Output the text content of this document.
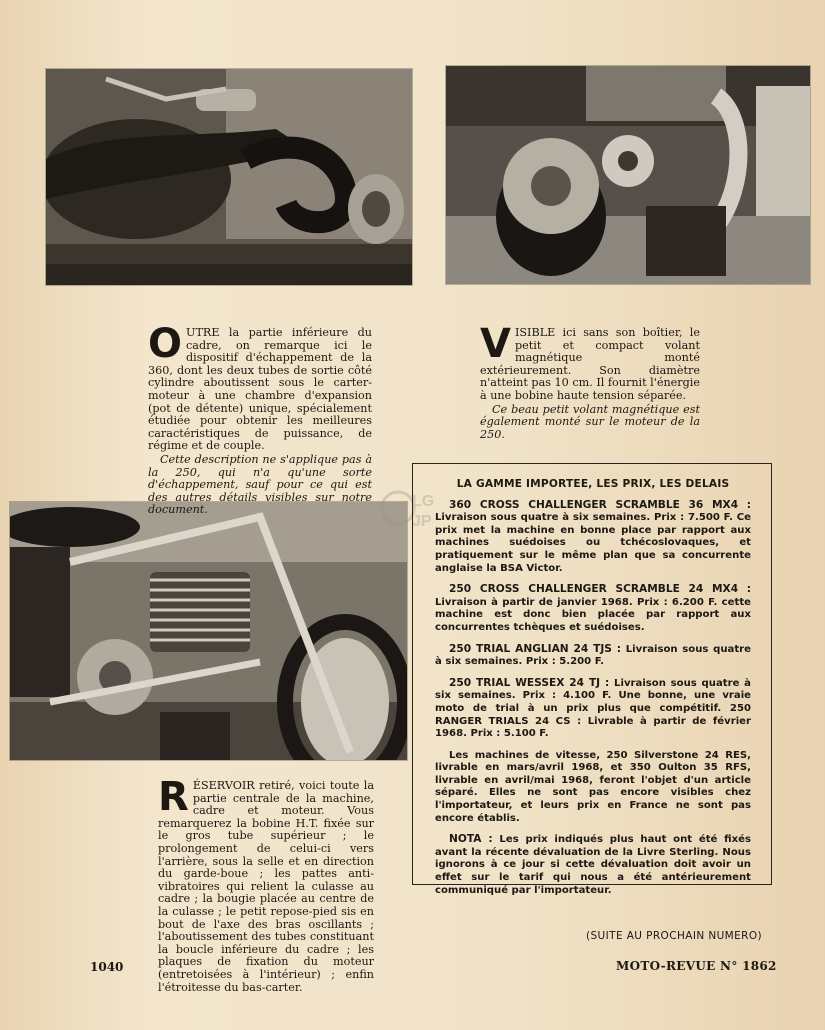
LG
JP

OUTRE la partie inférieure du cadre, on remarque ici le dispositif d'échappement de la 360, dont les deux tubes de sortie côté cylindre aboutissent sous le carter-moteur à une chambre d'expansion (pot de détente) unique, spécialement étudiée pour obtenir les meilleures caractéristiques de puissance, de régime et de couple.

Cette description ne s'applique pas à la 250, qui n'a qu'une sorte d'échappement, sauf pour ce qui est des autres détails visibles sur notre document.

VISIBLE ici sans son boîtier, le petit et compact volant magnétique monté extérieurement. Son diamètre n'atteint pas 10 cm. Il fournit l'énergie à une bobine haute tension séparée.

Ce beau petit volant magnétique est également monté sur le moteur de la 250.

RÉSERVOIR retiré, voici toute la partie centrale de la machine, cadre et moteur. Vous remarquerez la bobine H.T. fixée sur le gros tube supérieur ; le prolongement de celui-ci vers l'arrière, sous la selle et en direction du garde-boue ; les pattes anti-vibratoires qui relient la culasse au cadre ; la bougie placée au centre de la culasse ; le petit repose-pied sis en bout de l'axe des bras oscillants ; l'aboutissement des tubes constituant la boucle inférieure du cadre ; les plaques de fixation du moteur (entretoisées à l'intérieur) ; enfin l'étroitesse du bas-carter.

LA GAMME IMPORTEE, LES PRIX, LES DELAIS

360 CROSS CHALLENGER SCRAMBLE 36 MX4 : Livraison sous quatre à six semaines. Prix : 7.500 F. Ce prix met la machine en bonne place par rapport aux machines suédoises ou tchécoslovaques, et pratiquement sur le même plan que sa concurrente anglaise la BSA Victor.

250 CROSS CHALLENGER SCRAMBLE 24 MX4 : Livraison à partir de janvier 1968. Prix : 6.200 F. cette machine est donc bien placée par rapport aux concurrentes tchèques et suédoises.

250 TRIAL ANGLIAN 24 TJS : Livraison sous quatre à six semaines. Prix : 5.200 F.

250 TRIAL WESSEX 24 TJ : Livraison sous quatre à six semaines. Prix : 4.100 F. Une bonne, une vraie moto de trial à un prix plus que compétitif. 250 RANGER TRIALS 24 CS : Livrable à partir de février 1968. Prix : 5.100 F.

Les machines de vitesse, 250 Silverstone 24 RES, livrable en mars/avril 1968, et 350 Oulton 35 RFS, livrable en avril/mai 1968, feront l'objet d'un article séparé. Elles ne sont pas encore visibles chez l'importateur, et leurs prix en France ne sont pas encore établis.

NOTA : Les prix indiqués plus haut ont été fixés avant la récente dévaluation de la Livre Sterling. Nous ignorons à ce jour si cette dévaluation doit avoir un effet sur le tarif qui nous a été antérieurement communiqué par l'importateur.

(SUITE AU PROCHAIN NUMERO)
1040	MOTO-REVUE N° 1862
